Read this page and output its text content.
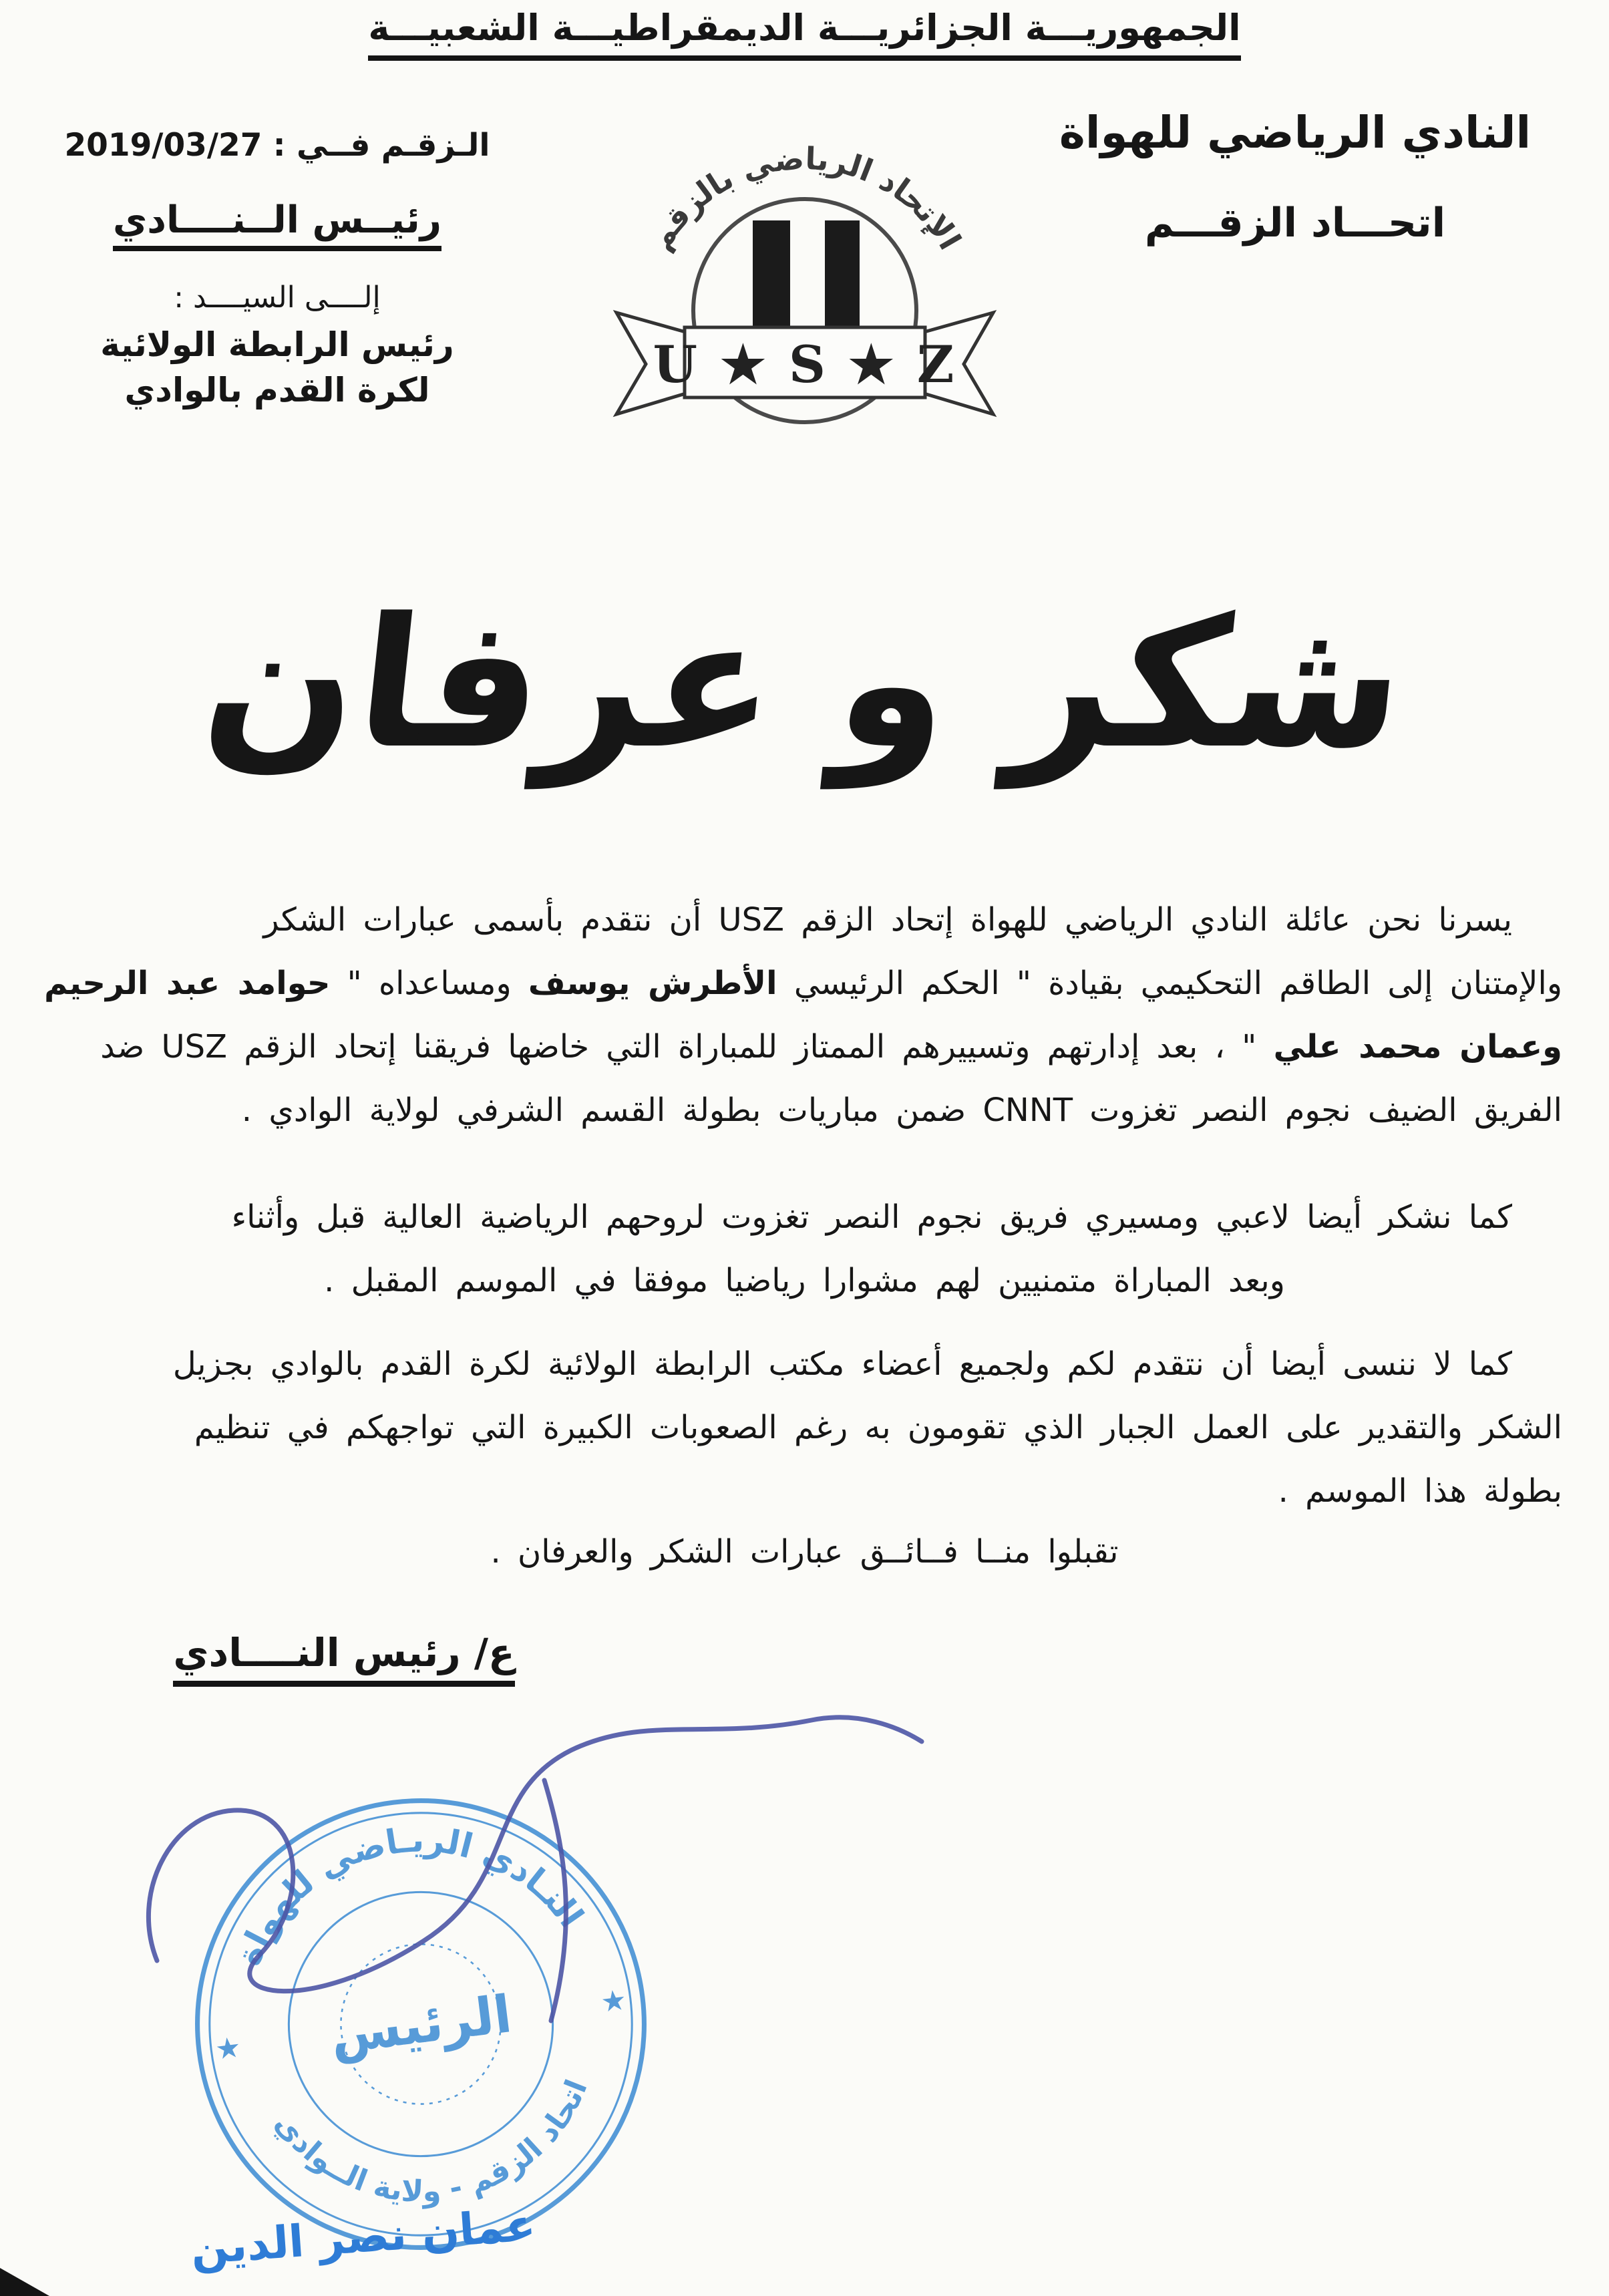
الجمهوريـــة الجزائريـــة الديمقراطيـــة الشعبيـــة
النادي الرياضي للهواة
اتحـــاد الزقـــم
الـزقـم فــي : 2019/03/27
رئيــس الــنــــادي
إلــــى السيــــد :
رئيس الرابطة الولائية
لكرة القدم بالوادي
الإتحاد الرياضي بالزقم
U ★ S ★ Z
شكر و عرفان
يسرنا نحن عائلة النادي الرياضي للهواة إتحاد الزقم USZ أن نتقدم بأسمى عبارات الشكر
والإمتنان إلى الطاقم التحكيمي بقيادة " الحكم الرئيسي الأطرش يوسف ومساعداه " حوامد عبد الرحيم
وعمان محمد علي " ، بعد إدارتهم وتسييرهم الممتاز للمباراة التي خاضها فريقنا إتحاد الزقم USZ ضد
الفريق الضيف نجوم النصر تغزوت CNNT ضمن مباريات بطولة القسم الشرفي لولاية الوادي .
كما نشكر أيضا لاعبي ومسيري فريق نجوم النصر تغزوت لروحهم الرياضية العالية قبل وأثناء
وبعد المباراة متمنيين لهم مشوارا رياضيا موفقا في الموسم المقبل .
كما لا ننسى أيضا أن نتقدم لكم ولجميع أعضاء مكتب الرابطة الولائية لكرة القدم بالوادي بجزيل
الشكر والتقدير على العمل الجبار الذي تقومون به رغم الصعوبات الكبيرة التي تواجهكم في تنظيم
بطولة هذا الموسم .
تقبلوا منــا فــائــق عبارات الشكر والعرفان .
ع/ رئيس النــــادي
النـادي الريـاضي للهواة
اتحاد الزقم - ولاية الــوادي
★
★
الرئيس
عمان نصر الدين
